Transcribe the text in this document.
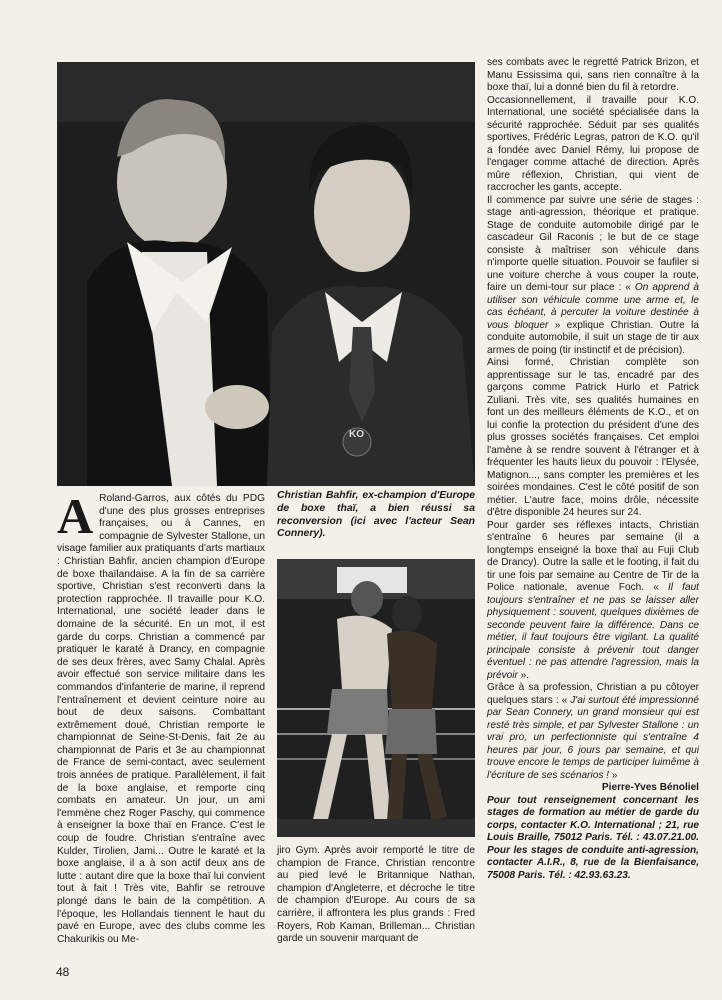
KO
Christian Bahfir, ex-champion d'Europe de boxe thaï, a bien réussi sa reconversion (ici avec l'acteur Sean Connery).
A Roland-Garros, aux côtés du PDG d'une des plus grosses entreprises françaises, ou à Cannes, en compagnie de Sylvester Stallone, un visage familier aux pratiquants d'arts martiaux : Christian Bahfir, ancien champion d'Europe de boxe thaïlandaise. A la fin de sa carrière sportive, Christian s'est reconverti dans la protection rapprochée. Il travaille pour K.O. International, une société leader dans le domaine de la sécurité. En un mot, il est garde du corps. Christian a commencé par pratiquer le karaté à Drancy, en compagnie de ses deux frères, avec Samy Chalal. Après avoir effectué son service militaire dans les commandos d'infanterie de marine, il reprend l'entraînement et devient ceinture noire au bout de deux saisons. Combattant extrêmement doué, Christian remporte le championnat de Seine-St-Denis, fait 2e au championnat de Paris et 3e au championnat de France de semi-contact, avec seulement trois années de pratique. Parallèlement, il fait de la boxe anglaise, et remporte cinq combats en amateur. Un jour, un ami l'emmène chez Roger Paschy, qui commence à enseigner la boxe thaï en France. C'est le coup de foudre. Christian s'entraîne avec Kulder, Tirolien, Jami... Outre le karaté et la boxe anglaise, il a à son actif deux ans de lutte : autant dire que la boxe thaï lui convient tout à fait ! Très vite, Bahfir se retrouve plongé dans le bain de la compétition. A l'époque, les Hollandais tiennent le haut du pavé en Europe, avec des clubs comme les Chakurikis ou Me-
jiro Gym. Après avoir remporté le titre de champion de France, Christian rencontre au pied levé le Britannique Nathan, champion d'Angleterre, et décroche le titre de champion d'Europe. Au cours de sa carrière, il affrontera les plus grands : Fred Royers, Rob Kaman, Brilleman... Christian garde un souvenir marquant de

ses combats avec le regretté Patrick Brizon, et Manu Essissima qui, sans rien connaître à la boxe thaï, lui a donné bien du fil à retordre.

Occasionnellement, il travaille pour K.O. International, une société spécialisée dans la sécurité rapprochée. Séduit par ses qualités sportives, Frédéric Legras, patron de K.O. qu'il a fondée avec Daniel Rémy, lui propose de l'engager comme attaché de direction. Après mûre réflexion, Christian, qui vient de raccrocher les gants, accepte.

Il commence par suivre une série de stages : stage anti-agression, théorique et pratique. Stage de conduite automobile dirigé par le cascadeur Gil Raconis ; le but de ce stage consiste à maîtriser son véhicule dans n'importe quelle situation. Pouvoir se faufiler si une voiture cherche à vous couper la route, faire un demi-tour sur place : « On apprend à utiliser son véhicule comme une arme et, le cas échéant, à percuter la voiture destinée à vous bloquer » explique Christian. Outre la conduite automobile, il suit un stage de tir aux armes de poing (tir instinctif et de précision).

Ainsi formé, Christian complète son apprentissage sur le tas, encadré par des garçons comme Patrick Hurlo et Patrick Zuliani. Très vite, ses qualités humaines en font un des meilleurs éléments de K.O., et on lui confie la protection du président d'une des plus grosses sociétés françaises. Cet emploi l'amène à se rendre souvent à l'étranger et à fréquenter les hauts lieux du pouvoir : l'Elysée, Matignon..., sans compter les premières et les soirées mondaines. C'est le côté positif de son métier. L'autre face, moins drôle, nécessite d'être disponible 24 heures sur 24.

Pour garder ses réflexes intacts, Christian s'entraîne 6 heures par semaine (il a longtemps enseigné la boxe thaï au Fuji Club de Drancy). Outre la salle et le footing, il fait du tir une fois par semaine au Centre de Tir de la Police nationale, avenue Foch. « Il faut toujours s'entraîner et ne pas se laisser aller physiquement : souvent, quelques dixièmes de seconde peuvent faire la différence. Dans ce métier, il faut toujours être vigilant. La qualité principale consiste à prévenir tout danger éventuel : ne pas attendre l'agression, mais la prévoir ».

Grâce à sa profession, Christian a pu côtoyer quelques stars : « J'ai surtout été impressionné par Sean Connery, un grand monsieur qui est resté très simple, et par Sylvester Stallone : un vrai pro, un perfectionniste qui s'entraîne 4 heures par jour, 6 jours par semaine, et qui trouve encore le temps de participer luimême à l'écriture de ses scénarios ! »

Pierre-Yves Bénoliel

Pour tout renseignement concernant les stages de formation au métier de garde du corps, contacter K.O. International ; 21, rue Louis Braille, 75012 Paris. Tél. : 43.07.21.00. Pour les stages de conduite anti-agression, contacter A.I.R., 8, rue de la Bienfaisance, 75008 Paris. Tél. : 42.93.63.23.

48
